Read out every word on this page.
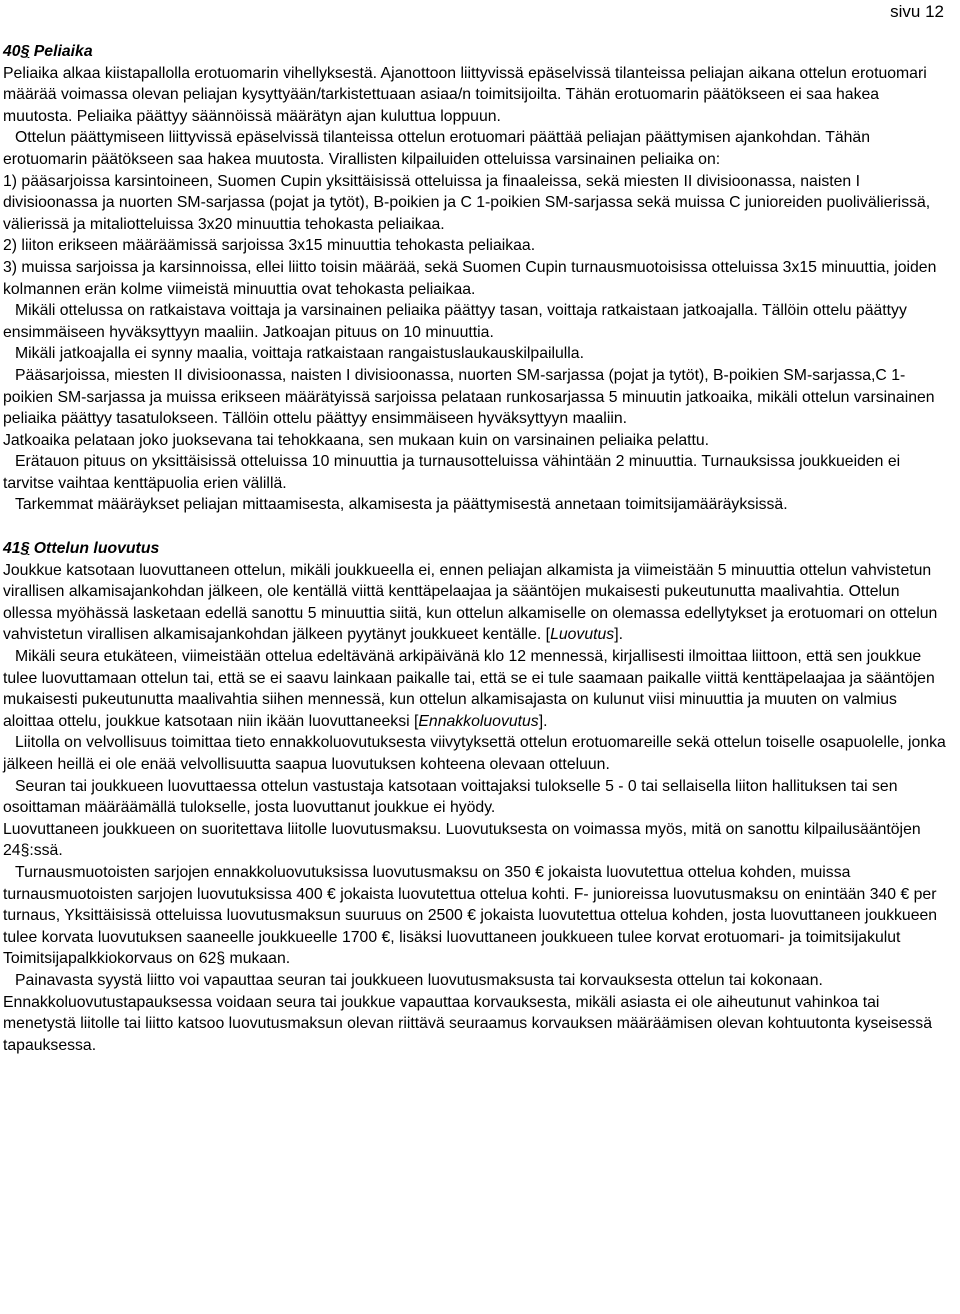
sivu 12

40§ Peliaika

Peliaika alkaa kiistapallolla erotuomarin vihellyksestä. Ajanottoon liittyvissä epäselvissä tilanteissa peliajan aikana ottelun erotuomari määrää voimassa olevan peliajan kysyttyään/tarkistettuaan asiaa/n toimitsijoilta. Tähän erotuomarin päätökseen ei saa hakea muutosta. Peliaika päättyy säännöissä määrätyn ajan kuluttua loppuun.

Ottelun päättymiseen liittyvissä epäselvissä tilanteissa ottelun erotuomari päättää peliajan päättymisen ajankohdan. Tähän erotuomarin päätökseen saa hakea muutosta. Virallisten kilpailuiden otteluissa varsinainen peliaika on:

1) pääsarjoissa karsintoineen, Suomen Cupin yksittäisissä otteluissa ja finaaleissa, sekä miesten II divisioonassa, naisten I divisioonassa ja nuorten SM-sarjassa (pojat ja tytöt), B-poikien ja C 1-poikien SM-sarjassa sekä muissa C junioreiden puolivälierissä, välierissä ja mitaliotteluissa 3x20 minuuttia tehokasta peliaikaa.

2) liiton erikseen määräämissä sarjoissa 3x15 minuuttia tehokasta peliaikaa.

3) muissa sarjoissa ja karsinnoissa, ellei liitto toisin määrää, sekä Suomen Cupin turnausmuotoisissa otteluissa 3x15 minuuttia, joiden kolmannen erän kolme viimeistä minuuttia ovat tehokasta peliaikaa.

Mikäli ottelussa on ratkaistava voittaja ja varsinainen peliaika päättyy tasan, voittaja ratkaistaan jatkoajalla. Tällöin ottelu päättyy ensimmäiseen hyväksyttyyn maaliin. Jatkoajan pituus on 10 minuuttia.

Mikäli jatkoajalla ei synny maalia, voittaja ratkaistaan rangaistuslaukauskilpailulla.

Pääsarjoissa, miesten II divisioonassa, naisten I divisioonassa, nuorten SM-sarjassa (pojat ja tytöt), B-poikien SM-sarjassa,C 1-poikien SM-sarjassa ja muissa erikseen määrätyissä sarjoissa pelataan runkosarjassa 5 minuutin jatkoaika, mikäli ottelun varsinainen peliaika päättyy tasatulokseen. Tällöin ottelu päättyy ensimmäiseen hyväksyttyyn maaliin.

Jatkoaika pelataan joko juoksevana tai tehokkaana, sen mukaan kuin on varsinainen peliaika pelattu.

Erätauon pituus on yksittäisissä otteluissa 10 minuuttia ja turnausotteluissa vähintään 2 minuuttia. Turnauksissa joukkueiden ei tarvitse vaihtaa kenttäpuolia erien välillä.

Tarkemmat määräykset peliajan mittaamisesta, alkamisesta ja päättymisestä annetaan toimitsijamääräyksissä.

41§ Ottelun luovutus

Joukkue katsotaan luovuttaneen ottelun, mikäli joukkueella ei, ennen peliajan alkamista ja viimeistään 5 minuuttia ottelun vahvistetun virallisen alkamisajankohdan jälkeen, ole kentällä viittä kenttäpelaajaa ja sääntöjen mukaisesti pukeutunutta maalivahtia. Ottelun ollessa myöhässä lasketaan edellä sanottu 5 minuuttia siitä, kun ottelun alkamiselle on olemassa edellytykset ja erotuomari on ottelun vahvistetun virallisen alkamisajankohdan jälkeen pyytänyt joukkueet kentälle. [Luovutus].

Mikäli seura etukäteen, viimeistään ottelua edeltävänä arkipäivänä klo 12 mennessä, kirjallisesti ilmoittaa liittoon, että sen joukkue tulee luovuttamaan ottelun tai, että se ei saavu lainkaan paikalle tai, että se ei tule saamaan paikalle viittä kenttäpelaajaa ja sääntöjen mukaisesti pukeutunutta maalivahtia siihen mennessä, kun ottelun alkamisajasta on kulunut viisi minuuttia ja muuten on valmius aloittaa ottelu, joukkue katsotaan niin ikään luovuttaneeksi [Ennakkoluovutus].

Liitolla on velvollisuus toimittaa tieto ennakkoluovutuksesta viivytyksettä ottelun erotuomareille sekä ottelun toiselle osapuolelle, jonka jälkeen heillä ei ole enää velvollisuutta saapua luovutuksen kohteena olevaan otteluun.

Seuran tai joukkueen luovuttaessa ottelun vastustaja katsotaan voittajaksi tulokselle 5 - 0 tai sellaisella liiton hallituksen tai sen osoittaman määräämällä tulokselle, josta luovuttanut joukkue ei hyödy.

Luovuttaneen joukkueen on suoritettava liitolle luovutusmaksu. Luovutuksesta on voimassa myös, mitä on sanottu kilpailusääntöjen 24§:ssä.

Turnausmuotoisten sarjojen ennakkoluovutuksissa luovutusmaksu on 350 € jokaista luovutettua ottelua kohden, muissa turnausmuotoisten sarjojen luovutuksissa 400 € jokaista luovutettua ottelua kohti. F- junioreissa luovutusmaksu on enintään 340 € per turnaus, Yksittäisissä otteluissa luovutusmaksun suuruus on 2500 € jokaista luovutettua ottelua kohden, josta luovuttaneen joukkueen tulee korvata luovutuksen saaneelle joukkueelle 1700 €, lisäksi luovuttaneen joukkueen tulee korvat erotuomari- ja toimitsijakulut Toimitsijapalkkiokorvaus on 62§ mukaan.

Painavasta syystä liitto voi vapauttaa seuran tai joukkueen luovutusmaksusta tai korvauksesta ottelun tai kokonaan. Ennakkoluovutustapauksessa voidaan seura tai joukkue vapauttaa korvauksesta, mikäli asiasta ei ole aiheutunut vahinkoa tai menetystä liitolle tai liitto katsoo luovutusmaksun olevan riittävä seuraamus korvauksen määräämisen olevan kohtuutonta kyseisessä tapauksessa.
